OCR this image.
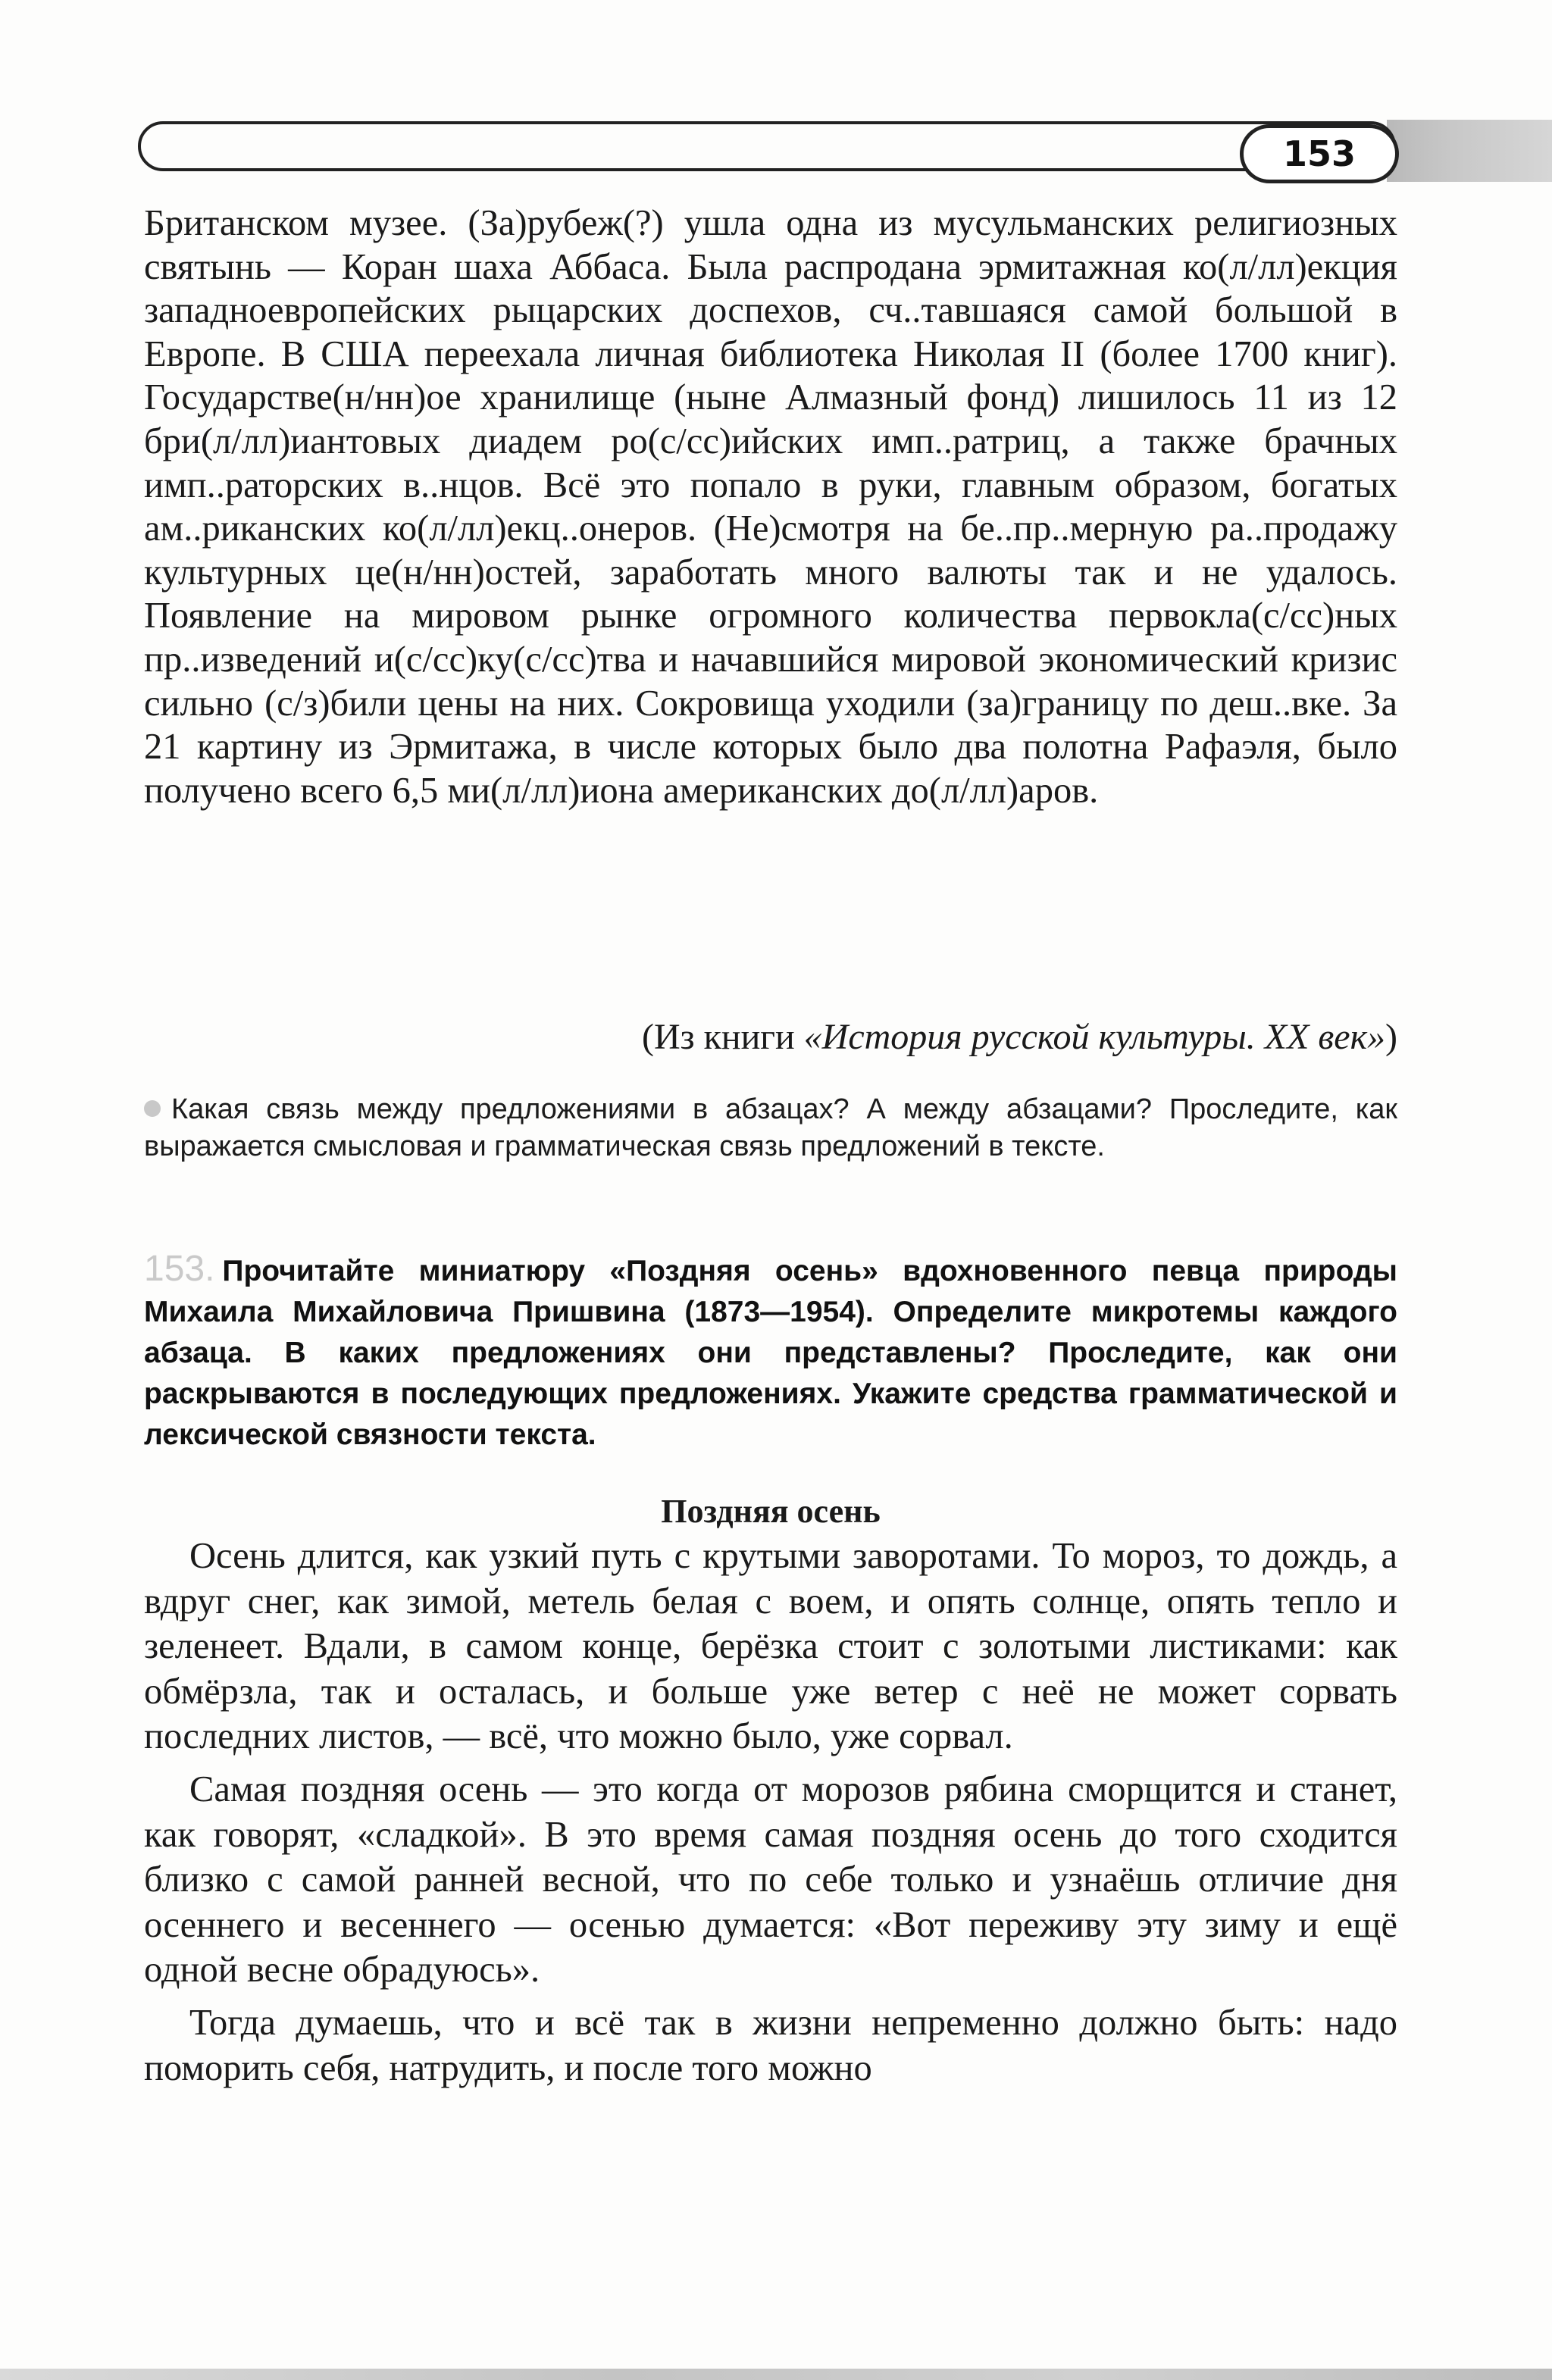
153

Британском музее. (За)рубеж(?) ушла одна из мусульманских религиозных святынь — Коран шаха Аббаса. Была распродана эрмитажная ко(л/лл)екция западноевропейских рыцарских доспехов, сч..тавшаяся самой большой в Европе. В США переехала личная библиотека Николая II (более 1700 книг). Государстве(н/нн)ое хранилище (ныне Алмазный фонд) лишилось 11 из 12 бри(л/лл)иантовых диадем ро(с/сс)ийских имп..ратриц, а также брачных имп..раторских в..нцов. Всё это попало в руки, главным образом, богатых ам..риканских ко(л/лл)екц..онеров. (Не)смотря на бе..пр..мерную ра..продажу культурных це(н/нн)остей, заработать много валюты так и не удалось. Появление на мировом рынке огромного количества первокла(с/сс)ных пр..изведений и(с/сс)ку(с/сс)тва и начавшийся мировой экономический кризис сильно (с/з)били цены на них. Сокровища уходили (за)границу по деш..вке. За 21 картину из Эрмитажа, в числе которых было два полотна Рафаэля, было получено всего 6,5 ми(л/лл)иона американских до(л/лл)аров.

(Из книги «История русской культуры. XX век»)
Какая связь между предложениями в абзацах? А между абзацами? Проследите, как выражается смысловая и грамматическая связь предложений в тексте.
153. Прочитайте миниатюру «Поздняя осень» вдохновенного певца природы Михаила Михайловича Пришвина (1873—1954). Определите микротемы каждого абзаца. В каких предложениях они представлены? Проследите, как они раскрываются в последующих предложениях. Укажите средства грамматической и лексической связности текста.
Поздняя осень

Осень длится, как узкий путь с крутыми заворотами. То мороз, то дождь, а вдруг снег, как зимой, метель белая с воем, и опять солнце, опять тепло и зеленеет. Вдали, в самом конце, берёзка стоит с золотыми листиками: как обмёрзла, так и осталась, и больше уже ветер с неё не может сорвать последних листов, — всё, что можно было, уже сорвал.

Самая поздняя осень — это когда от морозов рябина сморщится и станет, как говорят, «сладкой». В это время самая поздняя осень до того сходится близко с самой ранней весной, что по себе только и узнаёшь отличие дня осеннего и весеннего — осенью думается: «Вот переживу эту зиму и ещё одной весне обрадуюсь».

Тогда думаешь, что и всё так в жизни непременно должно быть: надо поморить себя, натрудить, и после того можно
